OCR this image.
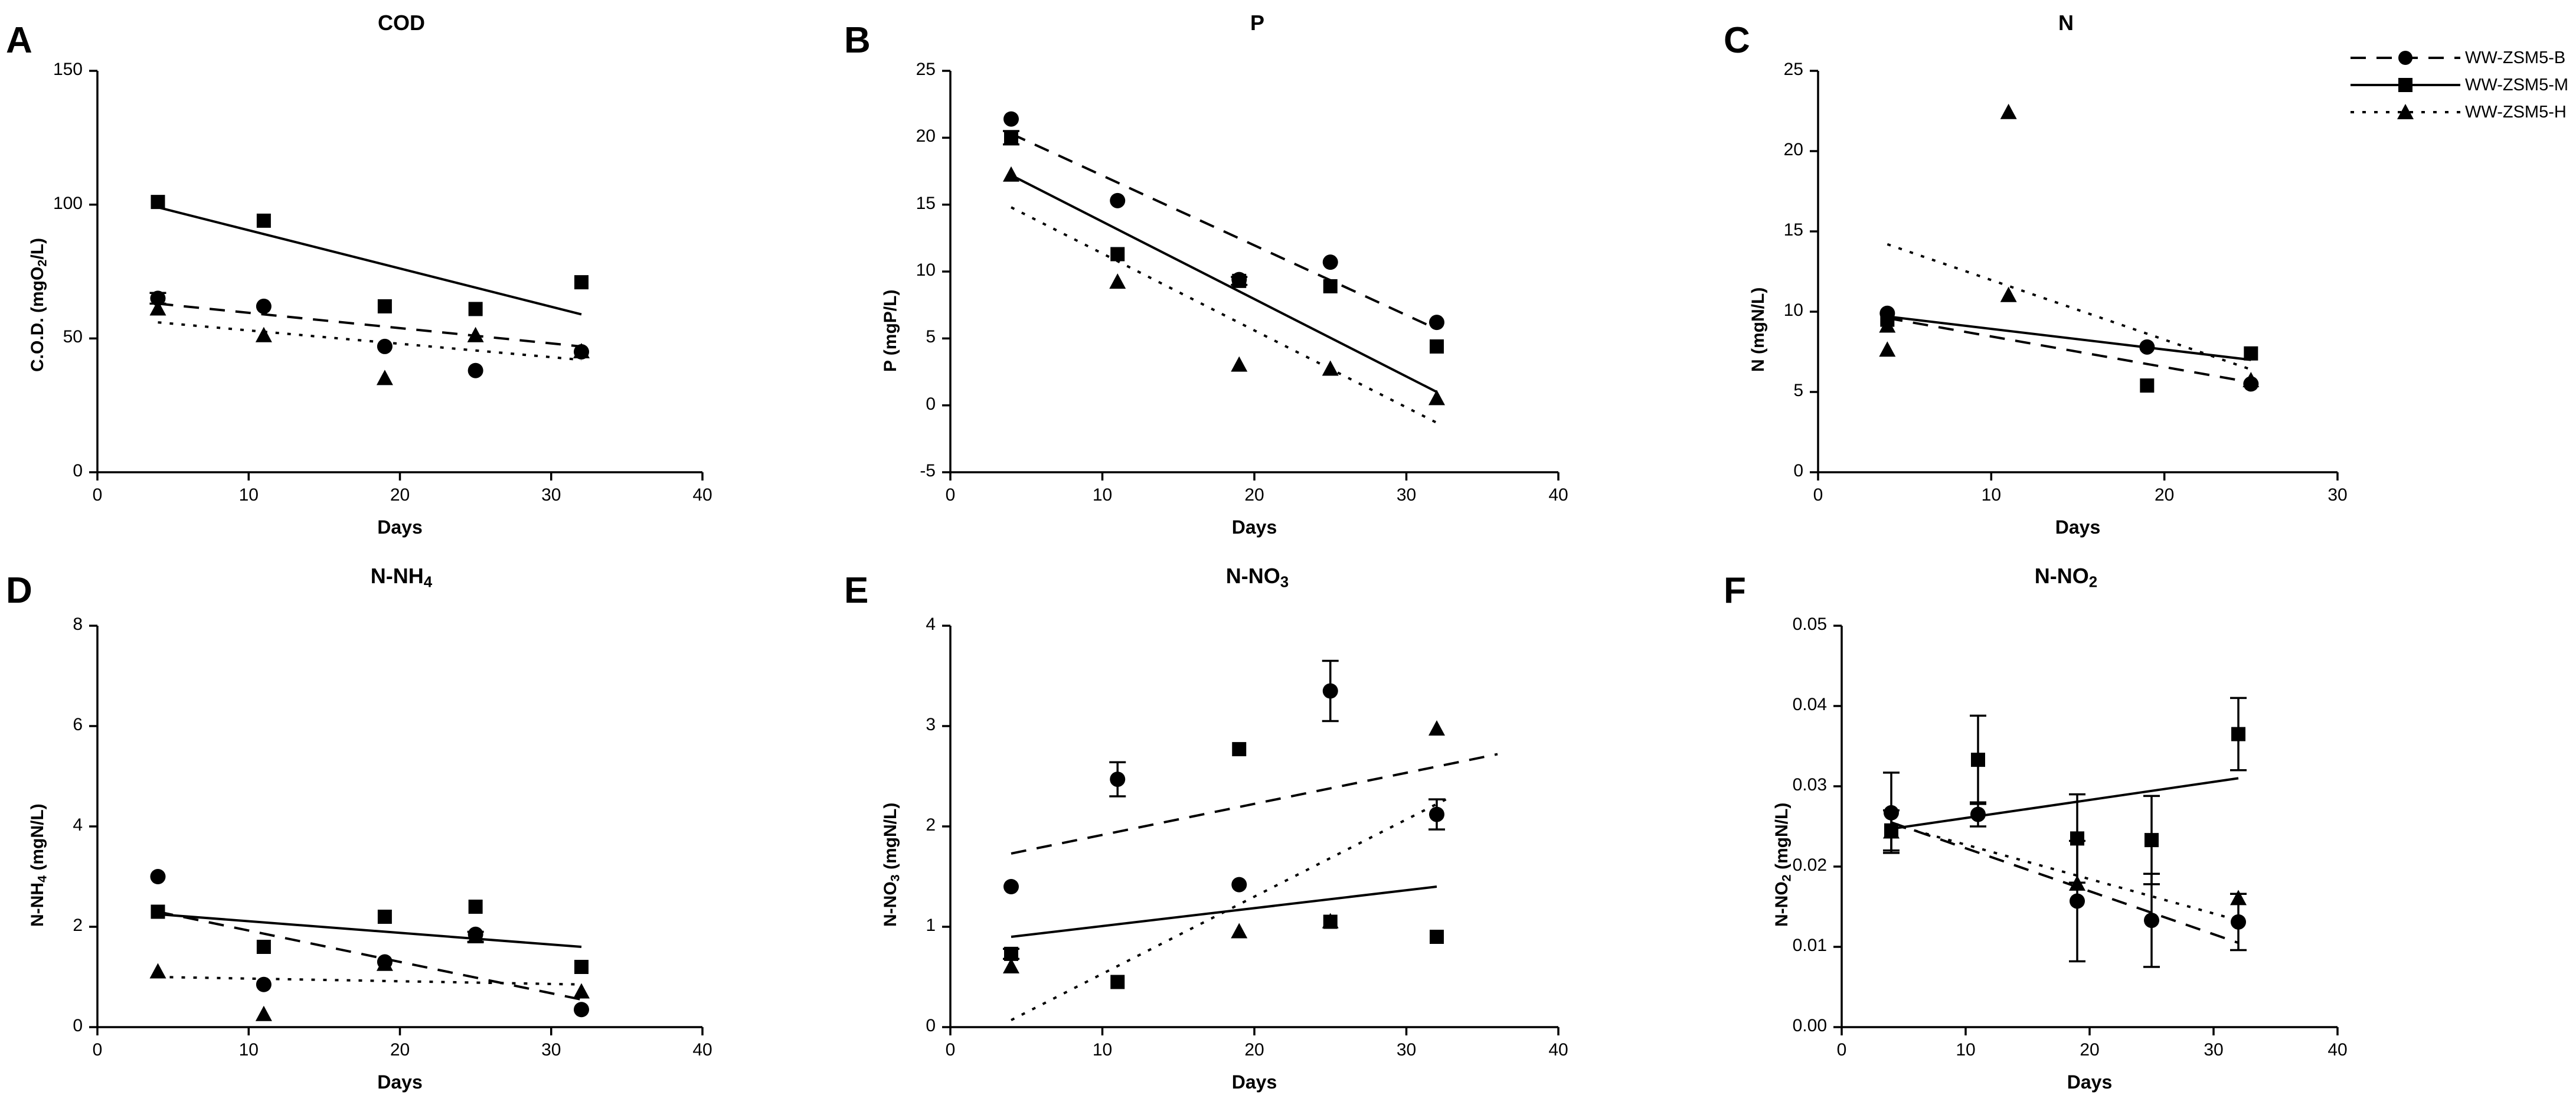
A	COD
C.O.D. (mgO$_2$/L)
Days
0	10	20	30	40
0
50
100
150
B	P
P (mgP/L)
Days
0	10	20	30	40
-5
0
5
10
15
20
25
C	N
N (mgN/L)
Days
0	10	20	30
0
5
10
15
20
25
D	$N-NH_4$
$N-NH_4$ (mgN/L)
Days
0	10	20	30	40
0
2
4
6
8
E	$N-NO_3$
$N-NO_3$ (mgN/L)
Days
0	10	20	30	40
0
1
2
3
4
F	$N-NO_2$
$N-NO_2$ (mgN/L)
Days
0	10	20	30	40
0.00
0.01
0.02
0.03
0.04
0.05
WW-ZSM5-B
WW-ZSM5-M
WW-ZSM5-H
